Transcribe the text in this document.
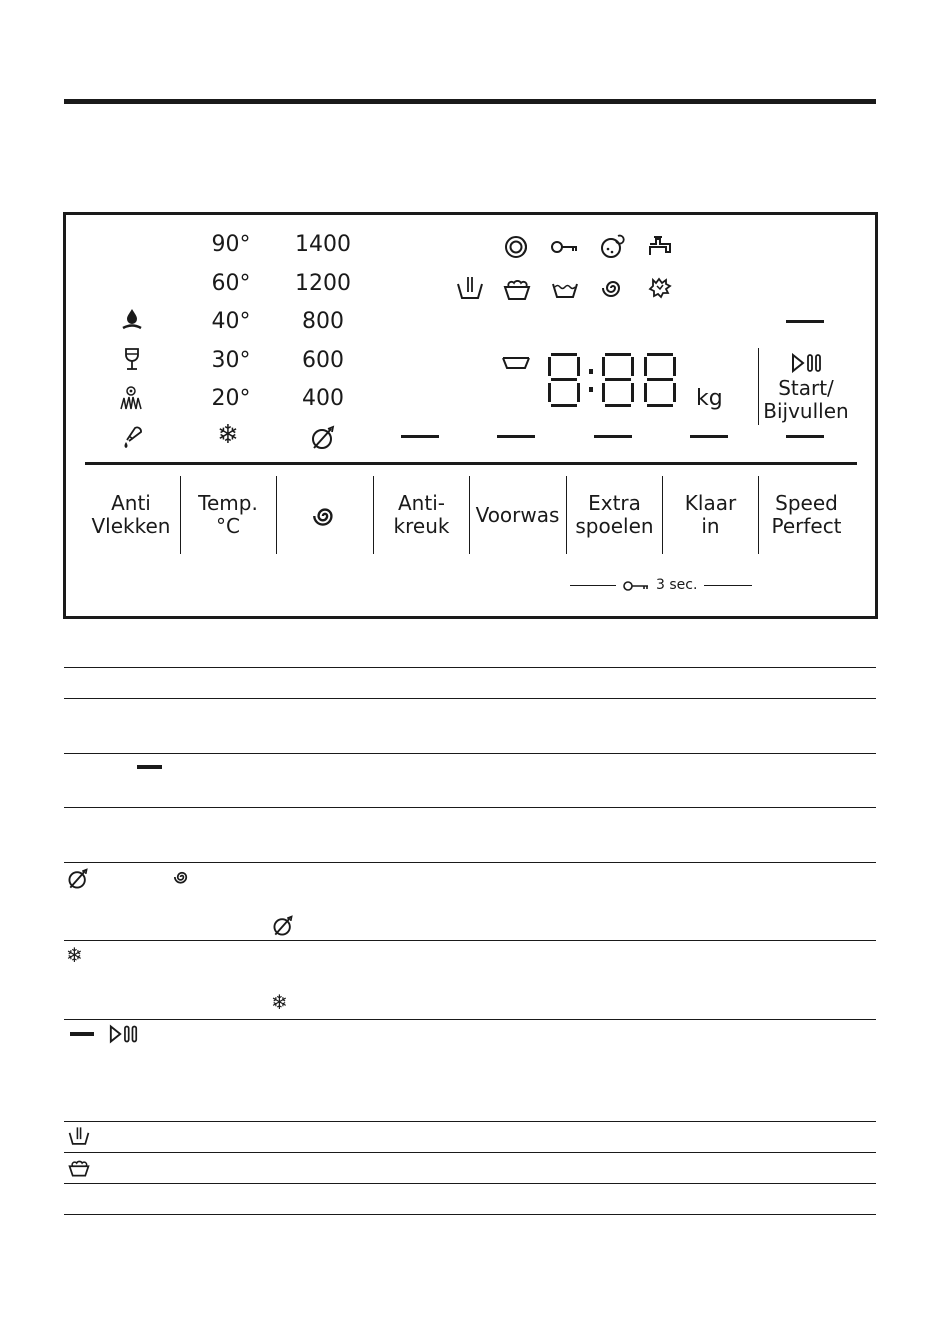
90°
60°
40°
30°
20°
❄
1400
1200
800
600
400	Start/
Bijvullen
kg
Anti
Vlekken
Temp.
°C
Anti-
kreuk	Voorwas	Extra
spoelen
Klaar
in
Speed
Perfect
3 sec.
❄
❄
